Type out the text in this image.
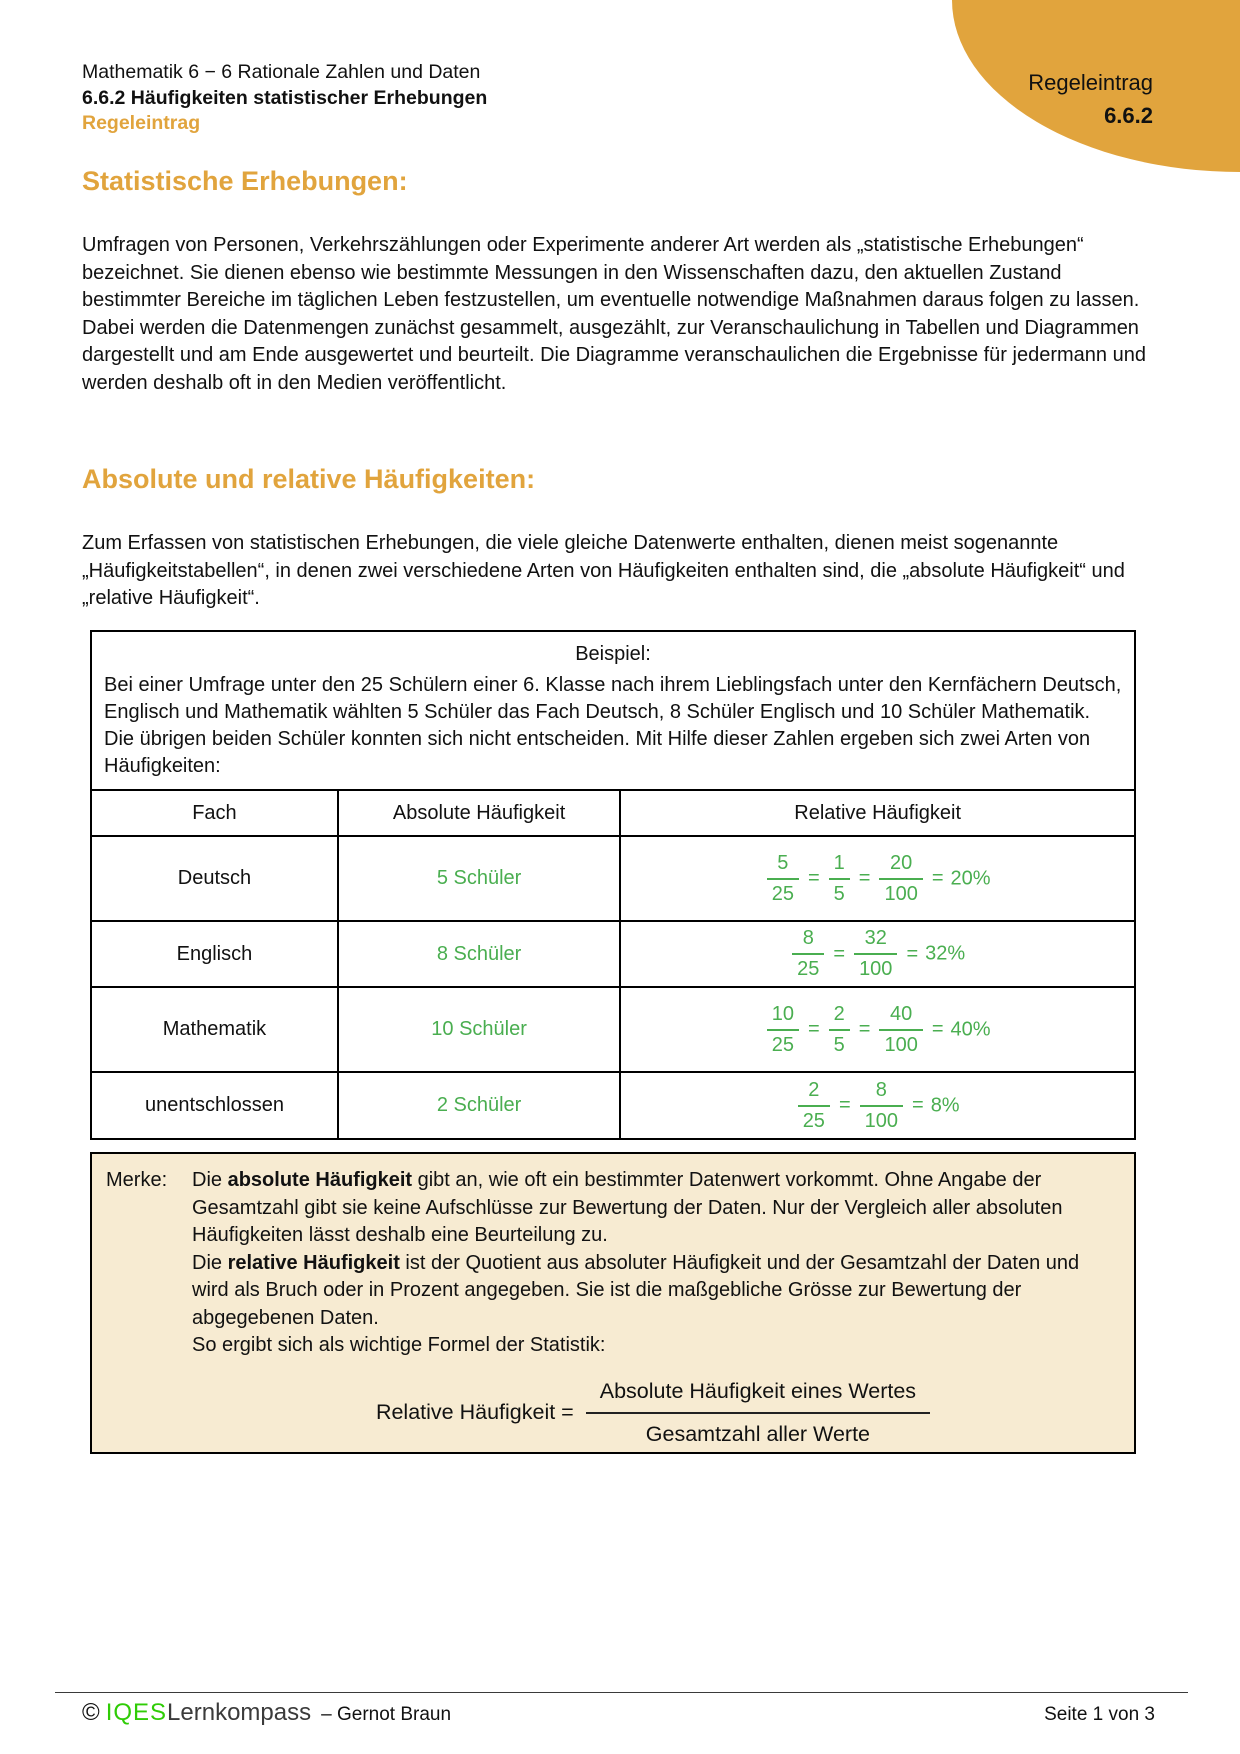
Regeleintrag
6.6.2
Mathematik 6 − 6 Rationale Zahlen und Daten
6.6.2 Häufigkeiten statistischer Erhebungen
Regeleintrag
Statistische Erhebungen:

Umfragen von Personen, Verkehrszählungen oder Experimente anderer Art werden als „statistische Erhebungen“ bezeichnet. Sie dienen ebenso wie bestimmte Messungen in den Wissenschaften dazu, den aktuellen Zustand bestimmter Bereiche im täglichen Leben festzustellen, um eventuelle notwendige Maßnahmen daraus folgen zu lassen. Dabei werden die Datenmengen zunächst gesammelt, ausgezählt, zur Veranschaulichung in Tabellen und Diagrammen dargestellt und am Ende ausgewertet und beurteilt. Die Diagramme veranschaulichen die Ergebnisse für jedermann und werden deshalb oft in den Medien veröffentlicht.

Absolute und relative Häufigkeiten:

Zum Erfassen von statistischen Erhebungen, die viele gleiche Datenwerte enthalten, dienen meist sogenannte „Häufigkeitstabellen“, in denen zwei verschiedene Arten von Häufigkeiten enthalten sind, die „absolute Häufigkeit“ und „relative Häufigkeit“.

Beispiel:

Bei einer Umfrage unter den 25 Schülern einer 6. Klasse nach ihrem Lieblingsfach unter den Kernfächern Deutsch, Englisch und Mathematik wählten 5 Schüler das Fach Deutsch, 8 Schüler Englisch und 10 Schüler Mathematik. Die übrigen beiden Schüler konnten sich nicht entscheiden. Mit Hilfe dieser Zahlen ergeben sich zwei Arten von Häufigkeiten:

Fach	Absolute Häufigkeit	Relative Häufigkeit
Deutsch	5 Schüler	$\frac{5}{25} = \frac{1}{5} = \frac{20}{100} = 20\%$
Englisch	8 Schüler	$\frac{8}{25} = \frac{32}{100} = 32\%$
Mathematik	10 Schüler	$\frac{10}{25} = \frac{2}{5} = \frac{40}{100} = 40\%$
unentschlossen	2 Schüler	$\frac{2}{25} = \frac{8}{100} = 8\%$
Merke:	Die absolute Häufigkeit gibt an, wie oft ein bestimmter Datenwert vorkommt. Ohne Angabe der Gesamtzahl gibt sie keine Aufschlüsse zur Bewertung der Daten. Nur der Vergleich aller absoluten Häufigkeiten lässt deshalb eine Beurteilung zu.

Die relative Häufigkeit ist der Quotient aus absoluter Häufigkeit und der Gesamtzahl der Daten und wird als Bruch oder in Prozent angegeben. Sie ist die maßgebliche Grösse zur Bewertung der abgegebenen Daten.

So ergibt sich als wichtige Formel der Statistik:

Relative Häufigkeit = $\frac{\text{Absolute Häufigkeit eines Wertes}}{\text{Gesamtzahl aller Werte}}$
© IQES Lernkompass – Gernot Braun	Seite 1 von 3
